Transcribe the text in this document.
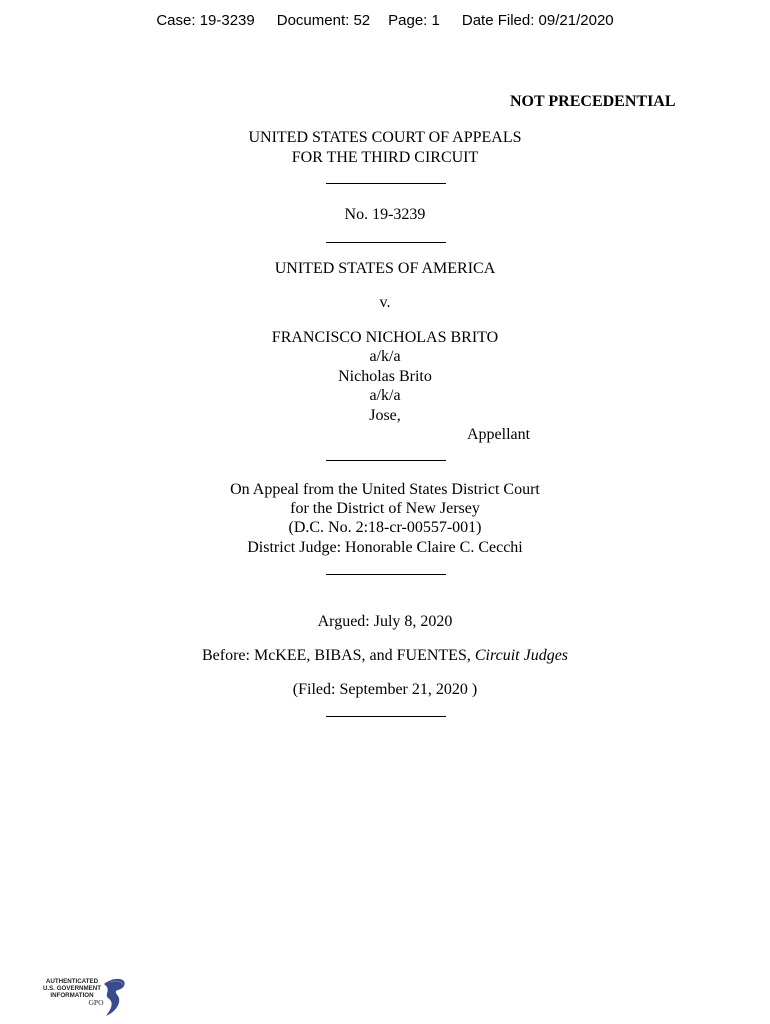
Case: 19-3239 Document: 52 Page: 1 Date Filed: 09/21/2020
NOT PRECEDENTIAL
UNITED STATES COURT OF APPEALS
FOR THE THIRD CIRCUIT
No. 19-3239
UNITED STATES OF AMERICA
v.
FRANCISCO NICHOLAS BRITO
a/k/a
Nicholas Brito
a/k/a
Jose,
Appellant
On Appeal from the United States District Court
for the District of New Jersey
(D.C. No. 2:18-cr-00557-001)
District Judge: Honorable Claire C. Cecchi
Argued: July 8, 2020
Before: McKEE, BIBAS, and FUENTES, Circuit Judges
(Filed: September 21, 2020 )
AUTHENTICATED
U.S. GOVERNMENT
INFORMATION
GPO
